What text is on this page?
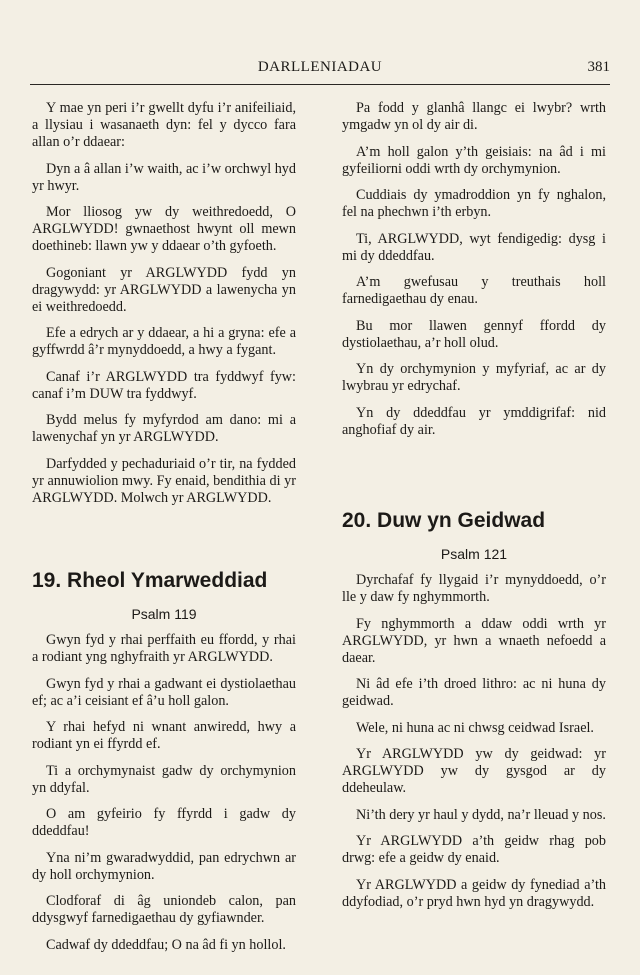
DARLLENIADAU	381

Y mae yn peri i’r gwellt dyfu i’r anifeiliaid, a llysiau i wasanaeth dyn: fel y dycco fara allan o’r ddaear:

Dyn a â allan i’w waith, ac i’w orchwyl hyd yr hwyr.

Mor lliosog yw dy weithredoedd, O ARGLWYDD! gwnaethost hwynt oll mewn doethineb: llawn yw y ddaear o’th gyfoeth.

Gogoniant yr ARGLWYDD fydd yn dragywydd: yr ARGLWYDD a lawenycha yn ei weithredoedd.

Efe a edrych ar y ddaear, a hi a gryna: efe a gyffwrdd â’r mynyddoedd, a hwy a fygant.

Canaf i’r ARGLWYDD tra fyddwyf fyw: canaf i’m DUW tra fyddwyf.

Bydd melus fy myfyrdod am dano: mi a lawenychaf yn yr ARGLWYDD.

Darfydded y pechaduriaid o’r tir, na fydded yr annuwiolion mwy. Fy enaid, bendithia di yr ARGLWYDD. Molwch yr ARGLWYDD.

19. Rheol Ymarweddiad
Psalm 119

Gwyn fyd y rhai perffaith eu ffordd, y rhai a rodiant yng nghyfraith yr ARGLWYDD.

Gwyn fyd y rhai a gadwant ei dystiolaethau ef; ac a’i ceisiant ef â’u holl galon.

Y rhai hefyd ni wnant anwiredd, hwy a rodiant yn ei ffyrdd ef.

Ti a orchymynaist gadw dy orchymynion yn ddyfal.

O am gyfeirio fy ffyrdd i gadw dy ddeddfau!

Yna ni’m gwaradwyddid, pan edrychwn ar dy holl orchymynion.

Clodforaf di âg uniondeb calon, pan ddysgwyf farnedigaethau dy gyfiawnder.

Cadwaf dy ddeddfau; O na âd fi yn hollol.

Pa fodd y glanhâ llangc ei lwybr? wrth ymgadw yn ol dy air di.

A’m holl galon y’th geisiais: na âd i mi gyfeiliorni oddi wrth dy orchymynion.

Cuddiais dy ymadroddion yn fy nghalon, fel na phechwn i’th erbyn.

Ti, ARGLWYDD, wyt fendigedig: dysg i mi dy ddeddfau.

A’m gwefusau y treuthais holl farnedigaethau dy enau.

Bu mor llawen gennyf ffordd dy dystiolaethau, a’r holl olud.

Yn dy orchymynion y myfyriaf, ac ar dy lwybrau yr edrychaf.

Yn dy ddeddfau yr ymddigrifaf: nid anghofiaf dy air.

20. Duw yn Geidwad
Psalm 121

Dyrchafaf fy llygaid i’r mynyddoedd, o’r lle y daw fy nghymmorth.

Fy nghymmorth a ddaw oddi wrth yr ARGLWYDD, yr hwn a wnaeth nefoedd a daear.

Ni âd efe i’th droed lithro: ac ni huna dy geidwad.

Wele, ni huna ac ni chwsg ceidwad Israel.

Yr ARGLWYDD yw dy geidwad: yr ARGLWYDD yw dy gysgod ar dy ddeheulaw.

Ni’th dery yr haul y dydd, na’r lleuad y nos.

Yr ARGLWYDD a’th geidw rhag pob drwg: efe a geidw dy enaid.

Yr ARGLWYDD a geidw dy fynediad a’th ddyfodiad, o’r pryd hwn hyd yn dragywydd.
